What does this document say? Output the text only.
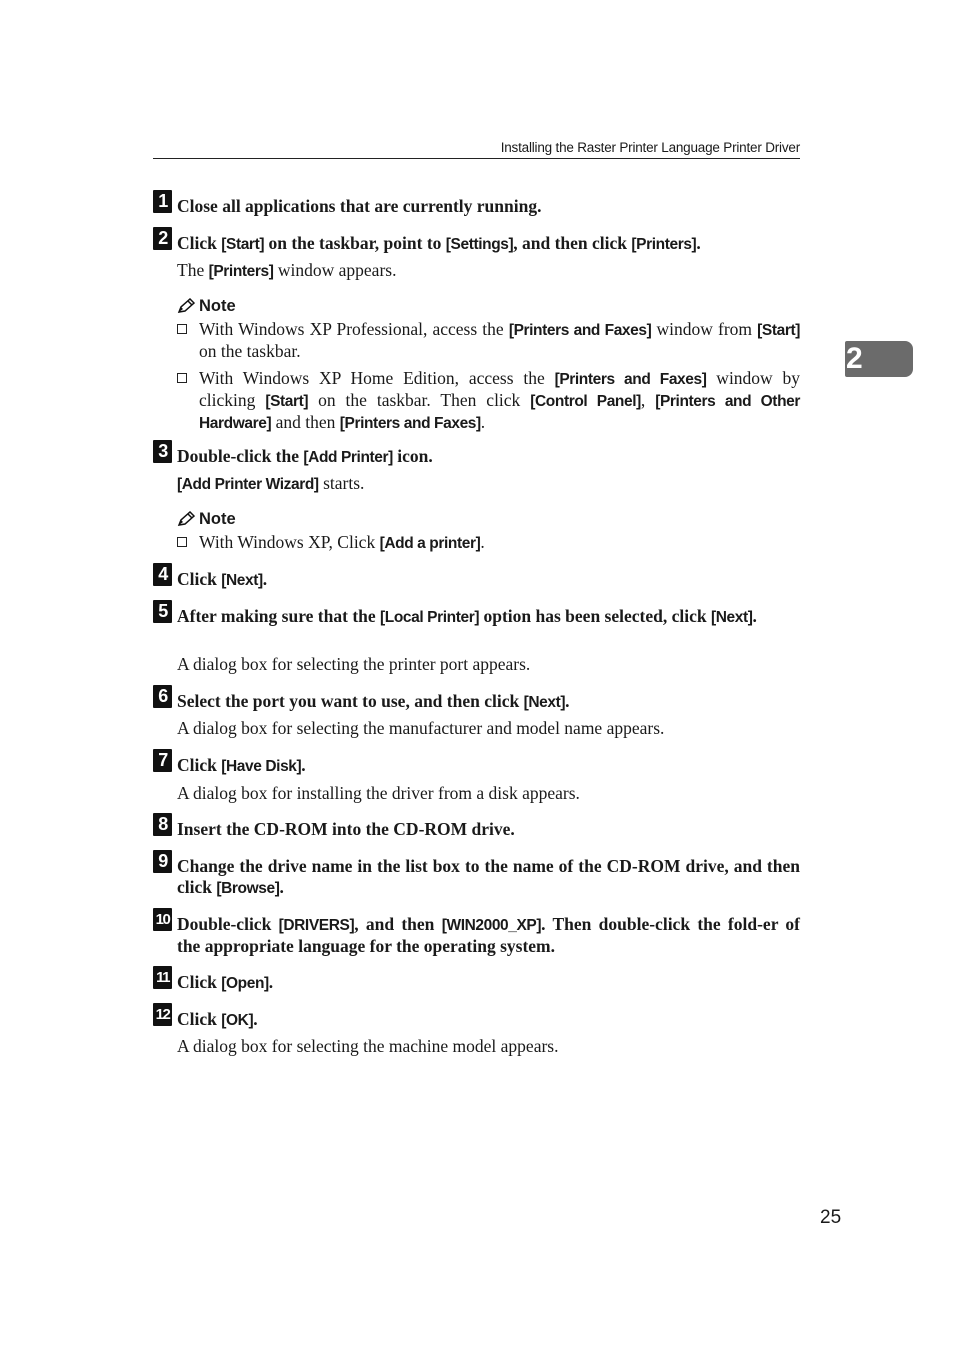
Installing the Raster Printer Language Printer Driver
2
1 Close all applications that are currently running.
2 Click [Start] on the taskbar, point to [Settings], and then click [Printers].
The [Printers] window appears.
Note
With Windows XP Professional, access the [Printers and Faxes] window from [Start] on the taskbar.
With Windows XP Home Edition, access the [Printers and Faxes] window by clicking [Start] on the taskbar. Then click [Control Panel], [Printers and Other Hardware] and then [Printers and Faxes].
3 Double-click the [Add Printer] icon.
[Add Printer Wizard] starts.
Note
With Windows XP, Click [Add a printer].
4 Click [Next].
5 After making sure that the [Local Printer] option has been selected, click [Next].
A dialog box for selecting the printer port appears.
6 Select the port you want to use, and then click [Next].
A dialog box for selecting the manufacturer and model name appears.
7 Click [Have Disk].
A dialog box for installing the driver from a disk appears.
8 Insert the CD-ROM into the CD-ROM drive.
9 Change the drive name in the list box to the name of the CD-ROM drive, and then click [Browse].
10 Double-click [DRIVERS], and then [WIN2000_XP]. Then double-click the fold-er of the appropriate language for the operating system.
11 Click [Open].
12 Click [OK].
A dialog box for selecting the machine model appears.
25
